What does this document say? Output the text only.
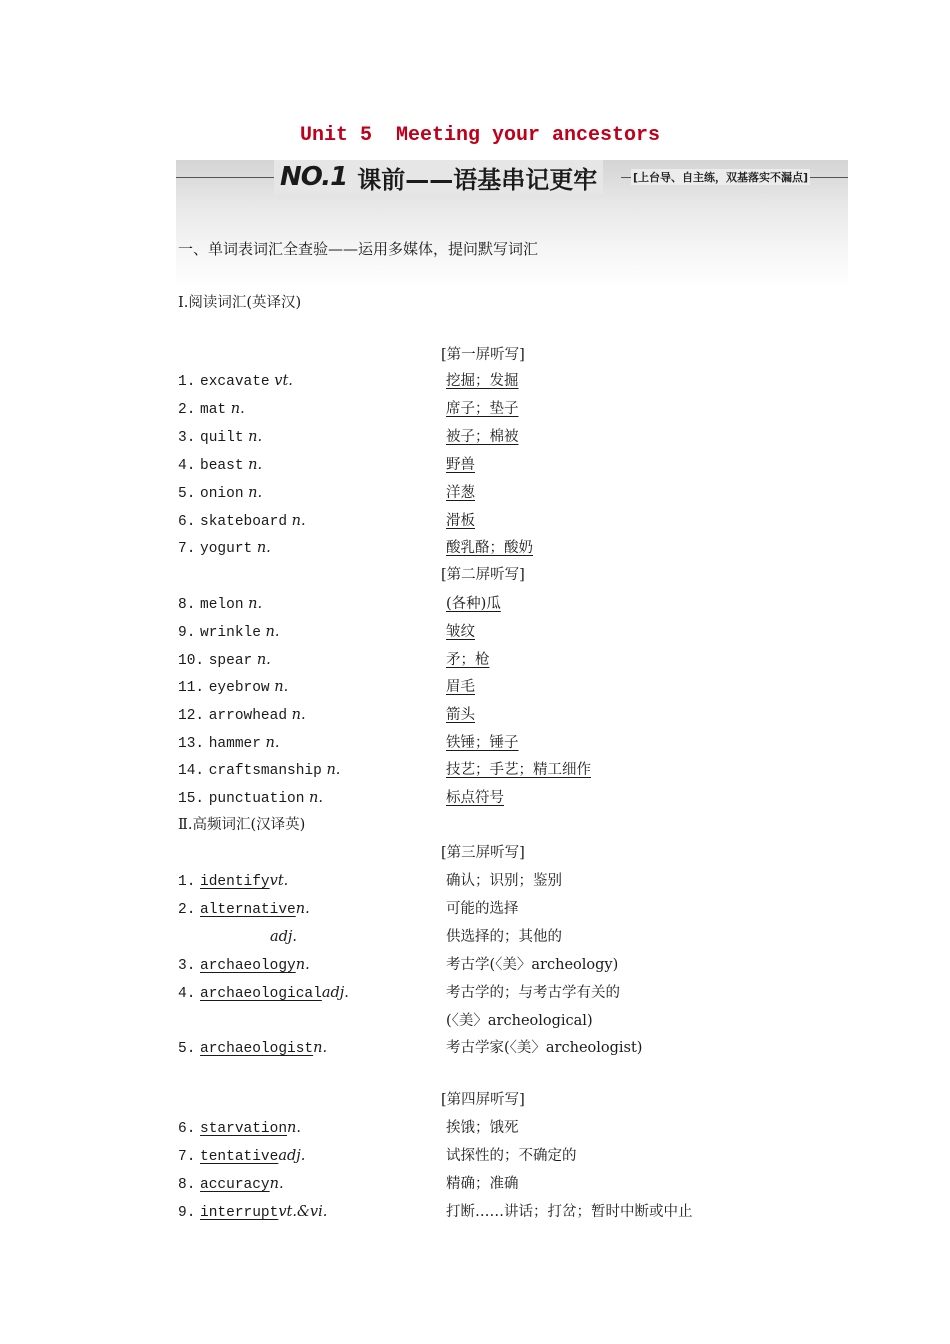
Unit 5  Meeting your ancestors
NO.1 课前——语基串记更牢	[上台导、自主练，双基落实不漏点]
一、单词表词汇全查验——运用多媒体，提问默写词汇
Ⅰ.阅读词汇(英译汉)
[第一屏听写]
1. excavate vt.	挖掘；发掘
2. mat n.	席子；垫子
3. quilt n.	被子；棉被
4. beast n.	野兽
5. onion n.	洋葱
6. skateboard n.	滑板
7. yogurt n.	酸乳酪；酸奶
8. melon n.	(各种)瓜
9. wrinkle n.	皱纹
10. spear n.	矛；枪
11. eyebrow n.	眉毛
12. arrowhead n.	箭头
13. hammer n.	铁锤；锤子
14. craftsmanship n.	技艺；手艺；精工细作
15. punctuation n.	标点符号
[第二屏听写]
Ⅱ.高频词汇(汉译英)
[第三屏听写]
[第四屏听写]
1. identifyvt.	确认；识别；鉴别
2. alternativen.	可能的选择
adj.	供选择的；其他的
3. archaeologyn.	考古学(〈美〉archeology)
4. archaeologicaladj.	考古学的；与考古学有关的
(〈美〉archeological)
5. archaeologistn.	考古学家(〈美〉archeologist)
6. starvationn.	挨饿；饿死
7. tentativeadj.	试探性的；不确定的
8. accuracyn.	精确；准确
9. interruptvt.&vi.	打断……讲话；打岔；暂时中断或中止
